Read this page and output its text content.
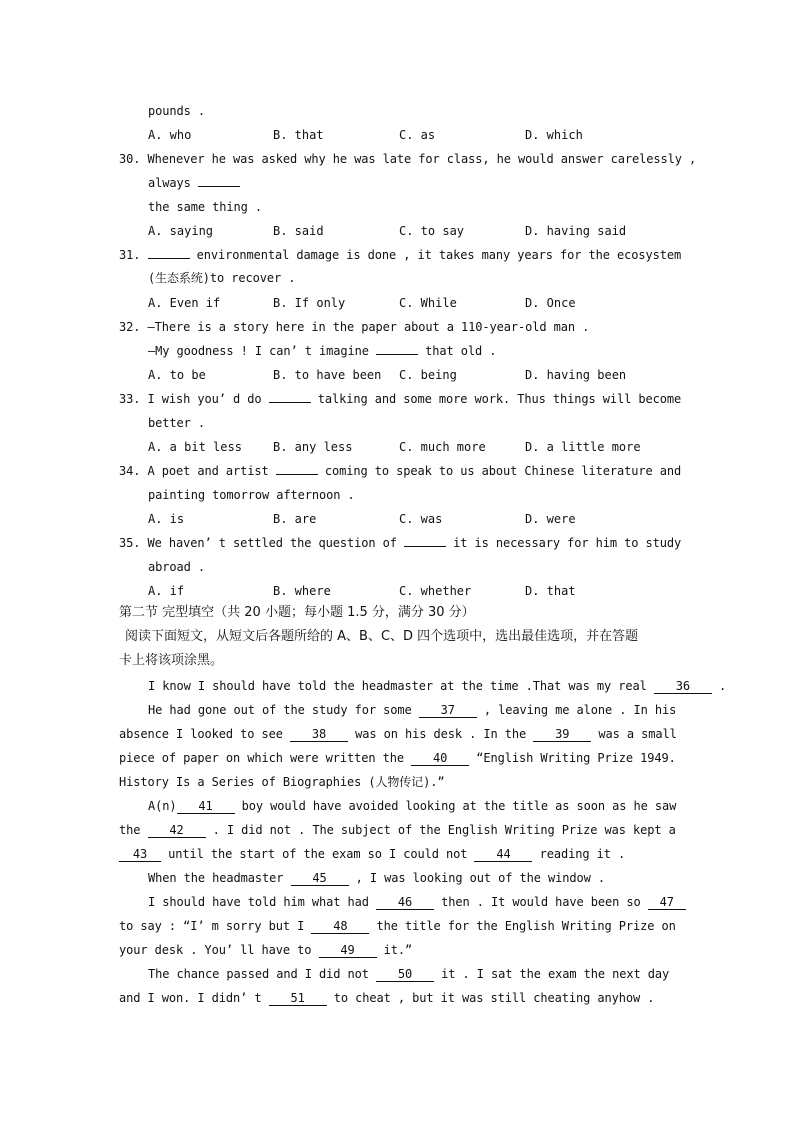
pounds .
A. who	B. that	C. as	D. which
30. Whenever he was asked why he was late for class, he would answer carelessly ,
always
the same thing .
A. saying	B. said	C. to say	D. having said
31.	environmental damage is done , it takes many years for the ecosystem
(生态系统)to recover .
A. Even if	B. If only	C. While	D. Once
32. —There is a story here in the paper about a 110-year-old man .
—My goodness ! I can’ t imagine	that old .
A. to be	B. to have been C. being	D. having been
33. I wish you’ d do	talking and some more work. Thus things will become
better .
A. a bit less	B. any less	C. much more	D. a little more
34. A poet and artist	coming to speak to us about Chinese literature and
painting tomorrow afternoon .
A. is	B. are	C. was	D. were
35. We haven’ t settled the question of	it is necessary for him to study
abroad .
A. if	B. where	C. whether	D. that
第二节 完型填空（共 20 小题；每小题 1.5 分，满分 30 分）
阅读下面短文，从短文后各题所给的 A、B、C、D 四个选项中，选出最佳选项，并在答题
卡上将该项涂黑。
I know I should have told the headmaster at the time .That was my real 36 .
He had gone out of the study for some 37 , leaving me alone . In his
absence I looked to see 38 was on his desk . In the 39 was a small
piece of paper on which were written the 40 “English Writing Prize 1949.
History Is a Series of Biographies (人物传记).”
A(n) 41 boy would have avoided looking at the title as soon as he saw
the 42 . I did not . The subject of the English Writing Prize was kept a
43 until the start of the exam so I could not 44 reading it .
When the headmaster 45 , I was looking out of the window .
I should have told him what had 46 then . It would have been so 47
to say : “I’ m sorry but I 48 the title for the English Writing Prize on
your desk . You’ ll have to 49 it.”
The chance passed and I did not 50 it . I sat the exam the next day
and I won. I didn’ t 51 to cheat , but it was still cheating anyhow .
